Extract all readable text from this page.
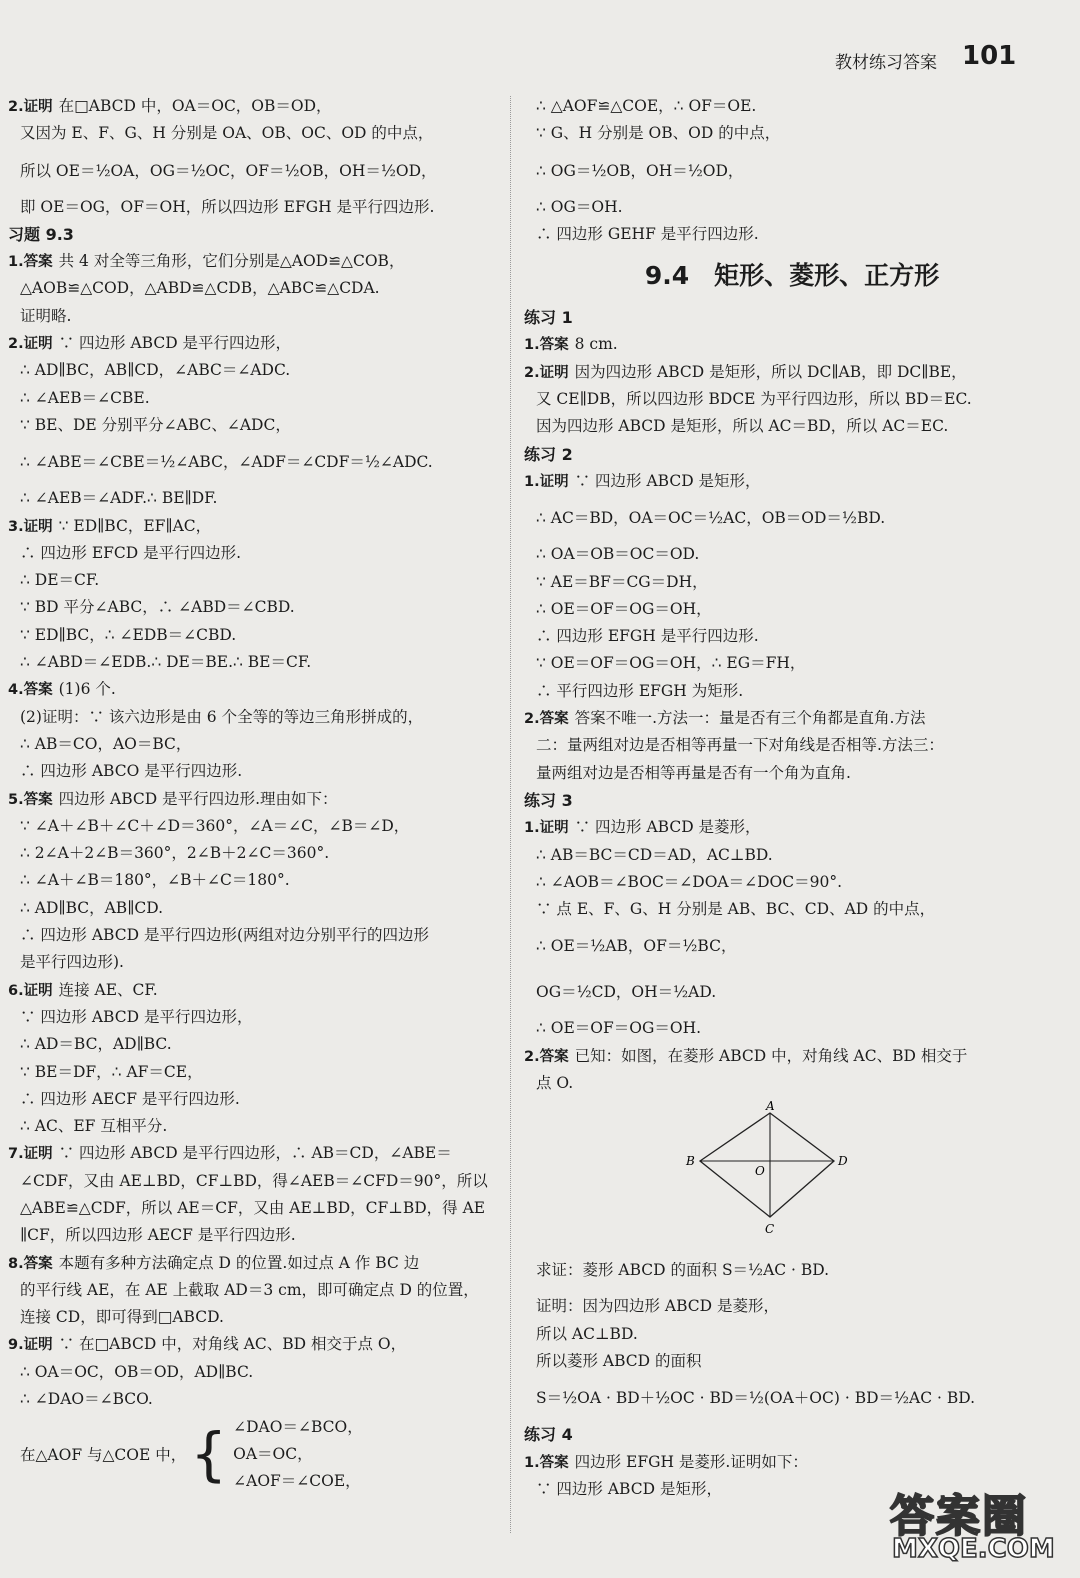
教材练习答案 101
2.证明 在□ABCD 中，OA＝OC，OB＝OD，
又因为 E、F、G、H 分别是 OA、OB、OC、OD 的中点，
所以 OE＝½OA，OG＝½OC，OF＝½OB，OH＝½OD，
即 OE＝OG，OF＝OH，所以四边形 EFGH 是平行四边形.
习题 9.3
1.答案 共 4 对全等三角形，它们分别是△AOD≌△COB，
△AOB≌△COD，△ABD≌△CDB，△ABC≌△CDA.
证明略.
2.证明 ∵ 四边形 ABCD 是平行四边形，
∴ AD∥BC，AB∥CD，∠ABC＝∠ADC.
∴ ∠AEB＝∠CBE.
∵ BE、DE 分别平分∠ABC、∠ADC，
∴ ∠ABE＝∠CBE＝½∠ABC，∠ADF＝∠CDF＝½∠ADC.
∴ ∠AEB＝∠ADF.∴ BE∥DF.
3.证明 ∵ ED∥BC，EF∥AC，
∴ 四边形 EFCD 是平行四边形.
∴ DE＝CF.
∵ BD 平分∠ABC，∴ ∠ABD＝∠CBD.
∵ ED∥BC，∴ ∠EDB＝∠CBD.
∴ ∠ABD＝∠EDB.∴ DE＝BE.∴ BE＝CF.
4.答案 (1)6 个.
(2)证明：∵ 该六边形是由 6 个全等的等边三角形拼成的，
∴ AB＝CO，AO＝BC，
∴ 四边形 ABCO 是平行四边形.
5.答案 四边形 ABCD 是平行四边形.理由如下：
∵ ∠A＋∠B＋∠C＋∠D＝360°，∠A＝∠C，∠B＝∠D，
∴ 2∠A＋2∠B＝360°，2∠B＋2∠C＝360°.
∴ ∠A＋∠B＝180°，∠B＋∠C＝180°.
∴ AD∥BC，AB∥CD.
∴ 四边形 ABCD 是平行四边形(两组对边分别平行的四边形
是平行四边形).
6.证明 连接 AE、CF.
∵ 四边形 ABCD 是平行四边形，
∴ AD＝BC，AD∥BC.
∵ BE＝DF，∴ AF＝CE，
∴ 四边形 AECF 是平行四边形.
∴ AC、EF 互相平分.
7.证明 ∵ 四边形 ABCD 是平行四边形，∴ AB＝CD，∠ABE＝
∠CDF，又由 AE⊥BD，CF⊥BD，得∠AEB＝∠CFD＝90°，所以
△ABE≌△CDF，所以 AE＝CF，又由 AE⊥BD，CF⊥BD，得 AE
∥CF，所以四边形 AECF 是平行四边形.
8.答案 本题有多种方法确定点 D 的位置.如过点 A 作 BC 边
的平行线 AE，在 AE 上截取 AD＝3 cm，即可确定点 D 的位置，
连接 CD，即可得到□ABCD.
9.证明 ∵ 在□ABCD 中，对角线 AC、BD 相交于点 O，
∴ OA＝OC，OB＝OD，AD∥BC.
∴ ∠DAO＝∠BCO.
在△AOF 与△COE 中， { ∠DAO＝∠BCO，
OA＝OC，
∠AOF＝∠COE，
∴ △AOF≌△COE，∴ OF＝OE.
∵ G、H 分别是 OB、OD 的中点，
∴ OG＝½OB，OH＝½OD，
∴ OG＝OH.
∴ 四边形 GEHF 是平行四边形.
9.4　矩形、菱形、正方形
练习 1
1.答案 8 cm.
2.证明 因为四边形 ABCD 是矩形，所以 DC∥AB，即 DC∥BE，
又 CE∥DB，所以四边形 BDCE 为平行四边形，所以 BD＝EC.
因为四边形 ABCD 是矩形，所以 AC＝BD，所以 AC＝EC.
练习 2
1.证明 ∵ 四边形 ABCD 是矩形，
∴ AC＝BD，OA＝OC＝½AC，OB＝OD＝½BD.
∴ OA＝OB＝OC＝OD.
∵ AE＝BF＝CG＝DH，
∴ OE＝OF＝OG＝OH，
∴ 四边形 EFGH 是平行四边形.
∵ OE＝OF＝OG＝OH，∴ EG＝FH，
∴ 平行四边形 EFGH 为矩形.
2.答案 答案不唯一.方法一：量是否有三个角都是直角.方法
二：量两组对边是否相等再量一下对角线是否相等.方法三：
量两组对边是否相等再量是否有一个角为直角.
练习 3
1.证明 ∵ 四边形 ABCD 是菱形，
∴ AB＝BC＝CD＝AD，AC⊥BD.
∴ ∠AOB＝∠BOC＝∠DOA＝∠DOC＝90°.
∵ 点 E、F、G、H 分别是 AB、BC、CD、AD 的中点，
∴ OE＝½AB，OF＝½BC，
OG＝½CD，OH＝½AD.
∴ OE＝OF＝OG＝OH.
2.答案 已知：如图，在菱形 ABCD 中，对角线 AC、BD 相交于
点 O.
A
B
C
D
O
求证：菱形 ABCD 的面积 S＝½AC · BD.
证明：因为四边形 ABCD 是菱形，
所以 AC⊥BD.
所以菱形 ABCD 的面积
S＝½OA · BD＋½OC · BD＝½(OA＋OC) · BD＝½AC · BD.
练习 4
1.答案 四边形 EFGH 是菱形.证明如下：
∵ 四边形 ABCD 是矩形，
答案圈
MXQE.COM
